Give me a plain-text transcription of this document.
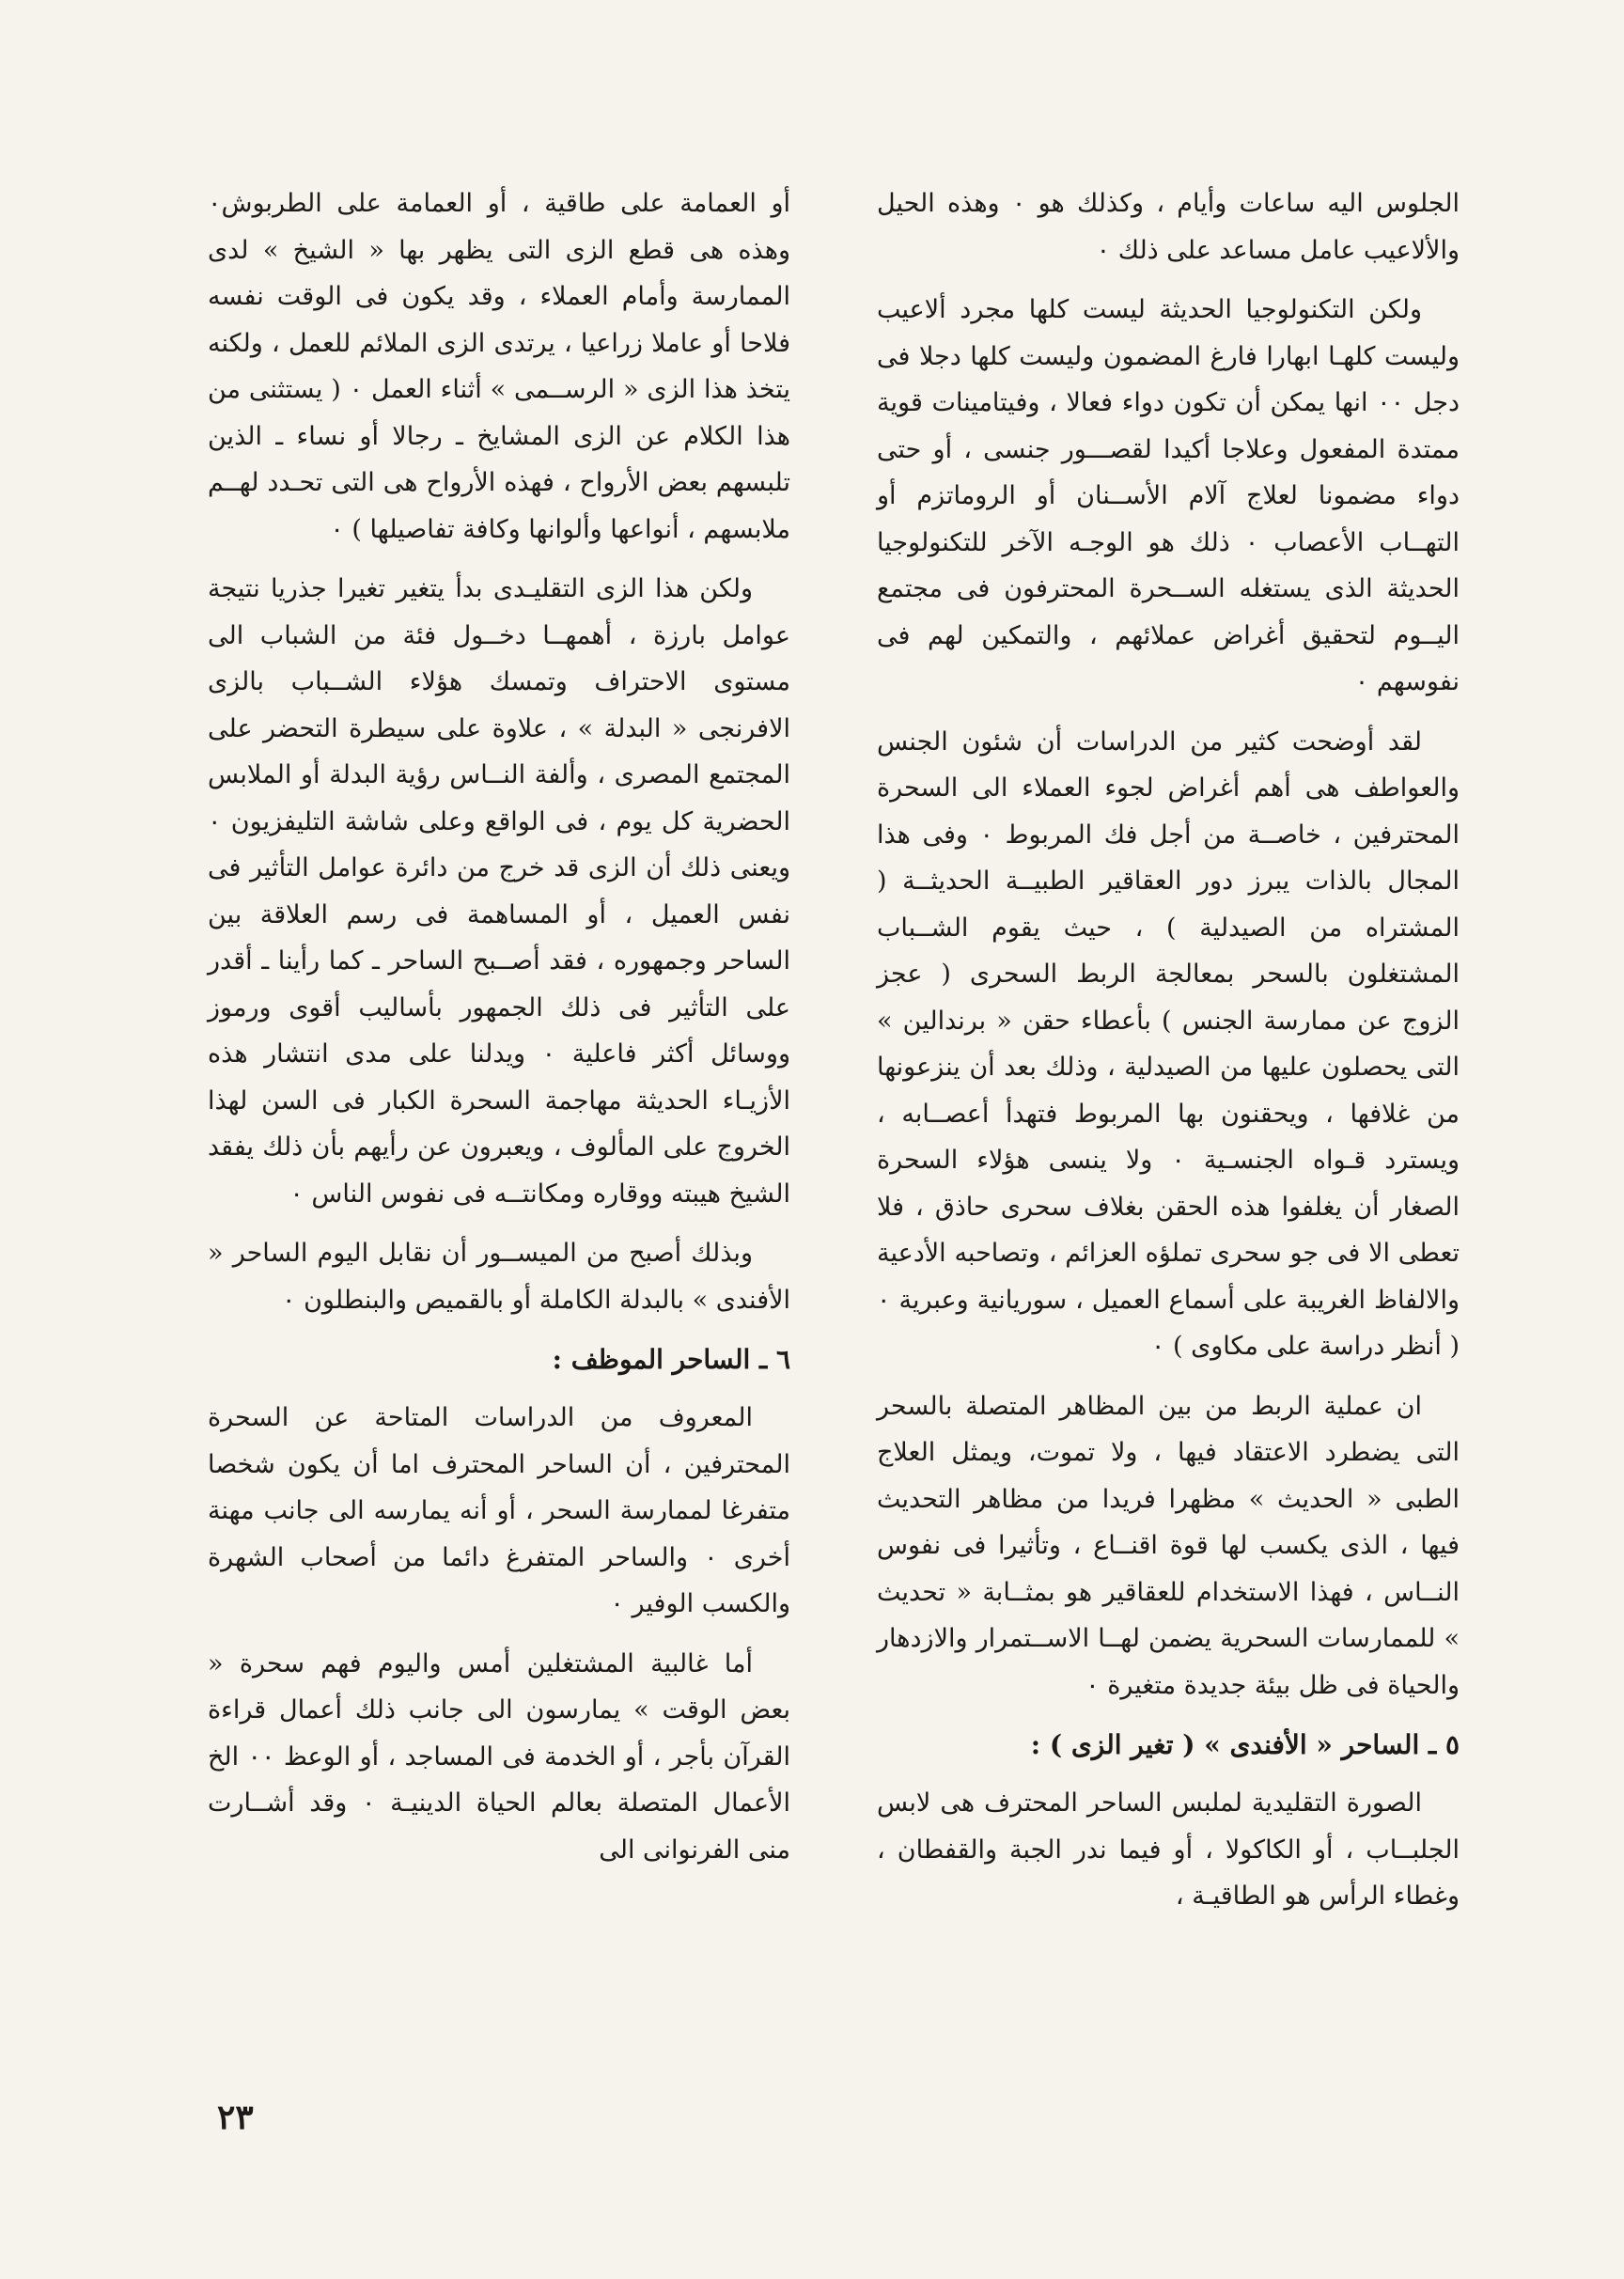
الجلوس اليه ساعات وأيام ، وكذلك هو ٠ وهذه الحيل والألاعيب عامل مساعد على ذلك ٠

ولكن التكنولوجيا الحديثة ليست كلها مجرد ألاعيب وليست كلهـا ابهارا فارغ المضمون وليست كلها دجلا فى دجل ٠٠ انها يمكن أن تكون دواء فعالا ، وفيتامينات قوية ممتدة المفعول وعلاجا أكيدا لقصـــور جنسى ، أو حتى دواء مضمونا لعلاج آلام الأســنان أو الروماتزم أو التهــاب الأعصاب ٠ ذلك هو الوجـه الآخر للتكنولوجيا الحديثة الذى يستغله الســحرة المحترفون فى مجتمع اليــوم لتحقيق أغراض عملائهم ، والتمكين لهم فى نفوسهم ٠

لقد أوضحت كثير من الدراسات أن شئون الجنس والعواطف هى أهم أغراض لجوء العملاء الى السحرة المحترفين ، خاصــة من أجل فك المربوط ٠ وفى هذا المجال بالذات يبرز دور العقاقير الطبيــة الحديثــة ( المشتراه من الصيدلية ) ، حيث يقوم الشــباب المشتغلون بالسحر بمعالجة الربط السحرى ( عجز الزوج عن ممارسة الجنس ) بأعطاء حقن « برندالين » التى يحصلون عليها من الصيدلية ، وذلك بعد أن ينزعونها من غلافها ، ويحقنون بها المربوط فتهدأ أعصــابه ، ويسترد قـواه الجنسـية ٠ ولا ينسى هؤلاء السحرة الصغار أن يغلفوا هذه الحقن بغلاف سحرى حاذق ، فلا تعطى الا فى جو سحرى تملؤه العزائم ، وتصاحبه الأدعية والالفاظ الغريبة على أسماع العميل ، سوريانية وعبرية ٠ ( أنظر دراسة على مكاوى ) ٠

ان عملية الربط من بين المظاهر المتصلة بالسحر التى يضطرد الاعتقاد فيها ، ولا تموت، ويمثل العلاج الطبى « الحديث » مظهرا فريدا من مظاهر التحديث فيها ، الذى يكسب لها قوة اقنــاع ، وتأثيرا فى نفوس النــاس ، فهذا الاستخدام للعقاقير هو بمثــابة « تحديث » للممارسات السحرية يضمن لهــا الاســتمرار والازدهار والحياة فى ظل بيئة جديدة متغيرة ٠

٥ ـ الساحر « الأفندى » ( تغير الزى ) :

الصورة التقليدية لملبس الساحر المحترف هى لابس الجلبــاب ، أو الكاكولا ، أو فيما ندر الجبة والقفطان ، وغطاء الرأس هو الطاقيـة ،

أو العمامة على طاقية ، أو العمامة على الطربوش٠ وهذه هى قطع الزى التى يظهر بها « الشيخ » لدى الممارسة وأمام العملاء ، وقد يكون فى الوقت نفسه فلاحا أو عاملا زراعيا ، يرتدى الزى الملائم للعمل ، ولكنه يتخذ هذا الزى « الرســمى » أثناء العمل ٠ ( يستثنى من هذا الكلام عن الزى المشايخ ـ رجالا أو نساء ـ الذين تلبسهم بعض الأرواح ، فهذه الأرواح هى التى تحـدد لهــم ملابسهم ، أنواعها وألوانها وكافة تفاصيلها ) ٠

ولكن هذا الزى التقليـدى بدأ يتغير تغيرا جذريا نتيجة عوامل بارزة ، أهمهــا دخــول فئة من الشباب الى مستوى الاحتراف وتمسك هؤلاء الشــباب بالزى الافرنجى « البدلة » ، علاوة على سيطرة التحضر على المجتمع المصرى ، وألفة النــاس رؤية البدلة أو الملابس الحضرية كل يوم ، فى الواقع وعلى شاشة التليفزيون ٠ ويعنى ذلك أن الزى قد خرج من دائرة عوامل التأثير فى نفس العميل ، أو المساهمة فى رسم العلاقة بين الساحر وجمهوره ، فقد أصــبح الساحر ـ كما رأينا ـ أقدر على التأثير فى ذلك الجمهور بأساليب أقوى ورموز ووسائل أكثر فاعلية ٠ ويدلنا على مدى انتشار هذه الأزيـاء الحديثة مهاجمة السحرة الكبار فى السن لهذا الخروج على المألوف ، ويعبرون عن رأيهم بأن ذلك يفقد الشيخ هيبته ووقاره ومكانتــه فى نفوس الناس ٠

وبذلك أصبح من الميســور أن نقابل اليوم الساحر « الأفندى » بالبدلة الكاملة أو بالقميص والبنطلون ٠

٦ ـ الساحر الموظف :

المعروف من الدراسات المتاحة عن السحرة المحترفين ، أن الساحر المحترف اما أن يكون شخصا متفرغا لممارسة السحر ، أو أنه يمارسه الى جانب مهنة أخرى ٠ والساحر المتفرغ دائما من أصحاب الشهرة والكسب الوفير ٠

أما غالبية المشتغلين أمس واليوم فهم سحرة « بعض الوقت » يمارسون الى جانب ذلك أعمال قراءة القرآن بأجر ، أو الخدمة فى المساجد ، أو الوعظ ٠٠ الخ الأعمال المتصلة بعالم الحياة الدينيـة ٠ وقد أشــارت منى الفرنوانى الى

٢٣
